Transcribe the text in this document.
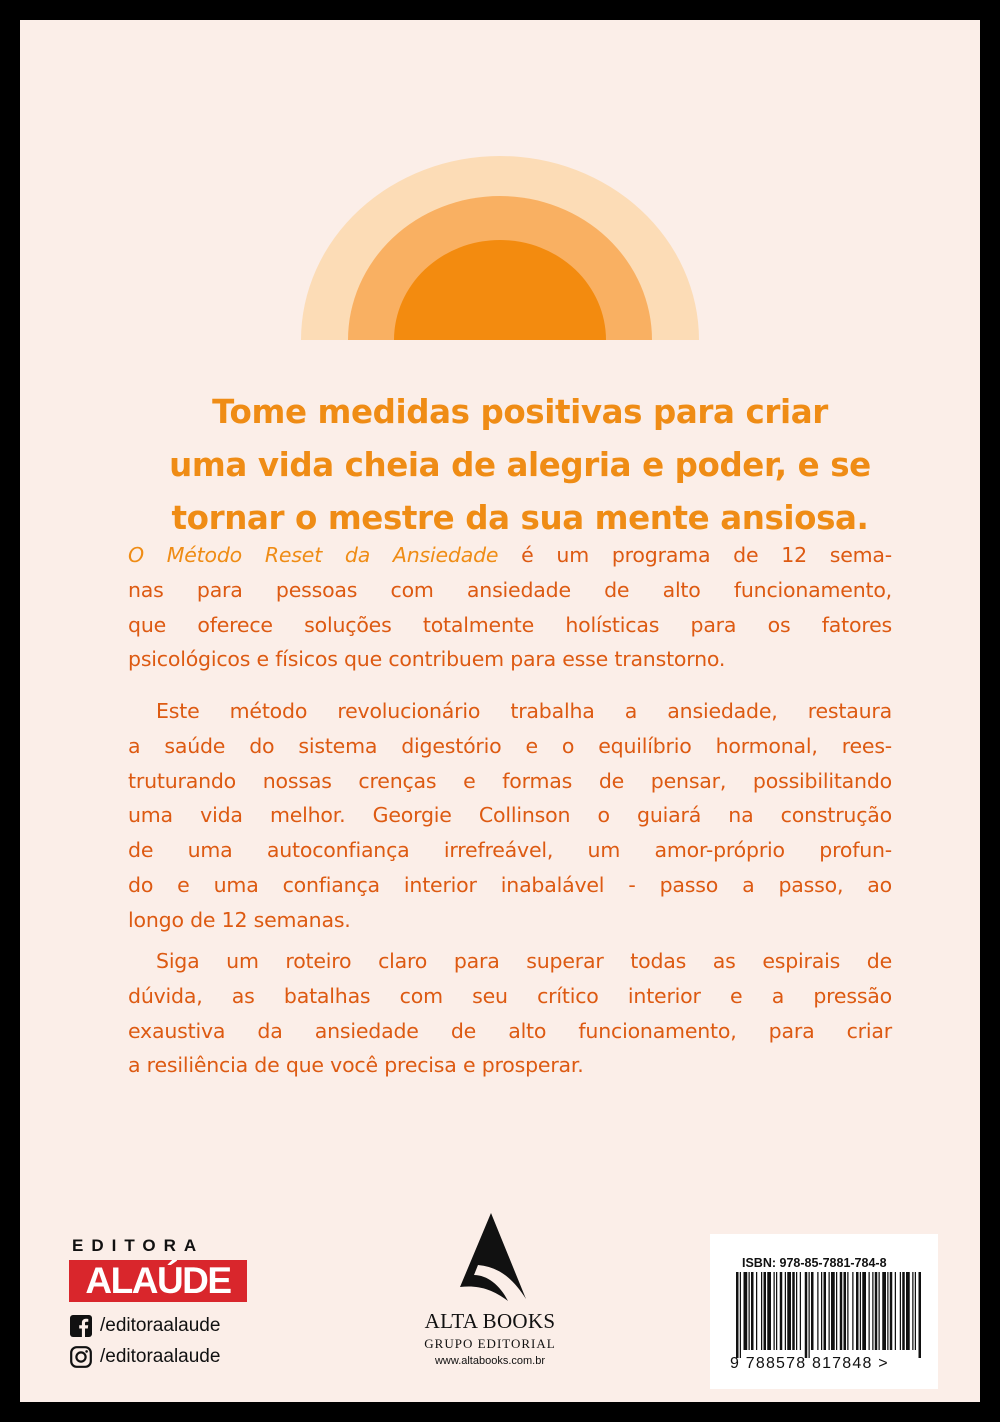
Tome medidas positivas para criar
uma vida cheia de alegria e poder, e se
tornar o mestre da sua mente ansiosa.
O Método Reset da Ansiedade é um programa de 12 sema-
nas para pessoas com ansiedade de alto funcionamento,
que oferece soluções totalmente holísticas para os fatores
psicológicos e físicos que contribuem para esse transtorno.
Este método revolucionário trabalha a ansiedade, restaura
a saúde do sistema digestório e o equilíbrio hormonal, rees-
truturando nossas crenças e formas de pensar, possibilitando
uma vida melhor. Georgie Collinson o guiará na construção
de uma autoconfiança irrefreável, um amor-próprio profun-
do e uma confiança interior inabalável - passo a passo, ao
longo de 12 semanas.
Siga um roteiro claro para superar todas as espirais de
dúvida, as batalhas com seu crítico interior e a pressão
exaustiva da ansiedade de alto funcionamento, para criar
a resiliência de que você precisa e prosperar.
EDITORA
ALAÚDE
/editoraalaude
/editoraalaude
ALTA BOOKS
GRUPO EDITORIAL
www.altabooks.com.br
ISBN: 978-85-7881-784-8
9 788578 817848 >
